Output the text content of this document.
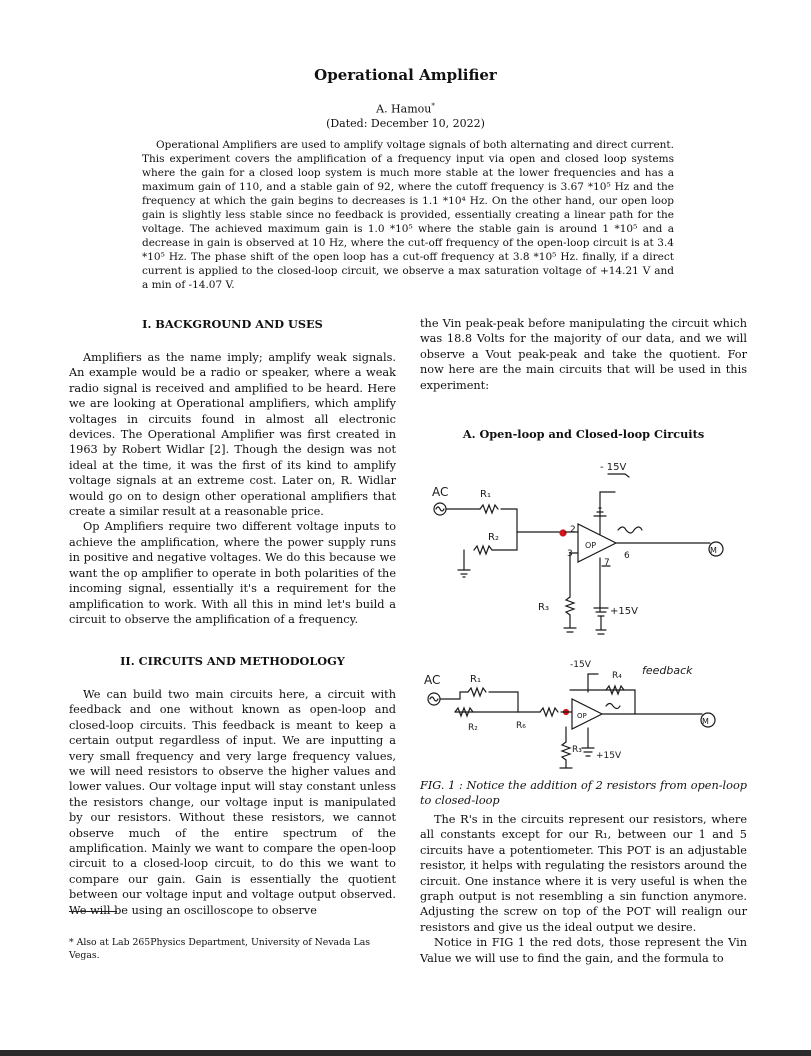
Operational Amplifier
A. Hamou*
(Dated: December 10, 2022)
Operational Amplifiers are used to amplify voltage signals of both alternating and direct current. This experiment covers the amplification of a frequency input via open and closed loop systems where the gain for a closed loop system is much more stable at the lower frequencies and has a maximum gain of 110, and a stable gain of 92, where the cutoff frequency is 3.67 *10⁵ Hz and the frequency at which the gain begins to decreases is 1.1 *10⁴ Hz. On the other hand, our open loop gain is slightly less stable since no feedback is provided, essentially creating a linear path for the voltage. The achieved maximum gain is 1.0 *10⁵ where the stable gain is around 1 *10⁵ and a decrease in gain is observed at 10 Hz, where the cut-off frequency of the open-loop circuit is at 3.4 *10⁵ Hz. The phase shift of the open loop has a cut-off frequency at 3.8 *10⁵ Hz. finally, if a direct current is applied to the closed-loop circuit, we observe a max saturation voltage of +14.21 V and a min of -14.07 V.
I. BACKGROUND AND USES

Amplifiers as the name imply; amplify weak signals. An example would be a radio or speaker, where a weak radio signal is received and amplified to be heard. Here we are looking at Operational amplifiers, which amplify voltages in circuits found in almost all electronic devices. The Operational Amplifier was first created in 1963 by Robert Widlar [2]. Though the design was not ideal at the time, it was the first of its kind to amplify voltage signals at an extreme cost. Later on, R. Widlar would go on to design other operational amplifiers that create a similar result at a reasonable price.

Op Amplifiers require two different voltage inputs to achieve the amplification, where the power supply runs in positive and negative voltages. We do this because we want the op amplifier to operate in both polarities of the incoming signal, essentially it's a requirement for the amplification to work. With all this in mind let's build a circuit to observe the amplification of a frequency.

II. CIRCUITS AND METHODOLOGY

We can build two main circuits here, a circuit with feedback and one without known as open-loop and closed-loop circuits. This feedback is meant to keep a certain output regardless of input. We are inputting a very small frequency and very large frequency values, we will need resistors to observe the higher values and lower values. Our voltage input will stay constant unless the resistors change, our voltage input is manipulated by our resistors. Without these resistors, we cannot observe much of the entire spectrum of the amplification. Mainly we want to compare the open-loop circuit to a closed-loop circuit, to do this we want to compare our gain. Gain is essentially the quotient between our voltage input and voltage output observed. We will be using an oscilloscope to observe

the Vin peak-peak before manipulating the circuit which was 18.8 Volts for the majority of our data, and we will observe a Vout peak-peak and take the quotient. For now here are the main circuits that will be used in this experiment:

A. Open-loop and Closed-loop Circuits
AC	R₁
R₂
OP
2
3
- 15V
6
M
7
+15V
R₃
AC	R₁
R₂	R₆
OP
R₄ feedback
-15V
M
R₃
+15V
FIG. 1 : Notice the addition of 2 resistors from open-loop to closed-loop

The R's in the circuits represent our resistors, where all constants except for our R₁, between our 1 and 5 circuits have a potentiometer. This POT is an adjustable resistor, it helps with regulating the resistors around the circuit. One instance where it is very useful is when the graph output is not resembling a sin function anymore. Adjusting the screw on top of the POT will realign our resistors and give us the ideal output we desire.

Notice in FIG 1 the red dots, those represent the Vin Value we will use to find the gain, and the formula to

* Also at Lab 265Physics Department, University of Nevada Las Vegas.
